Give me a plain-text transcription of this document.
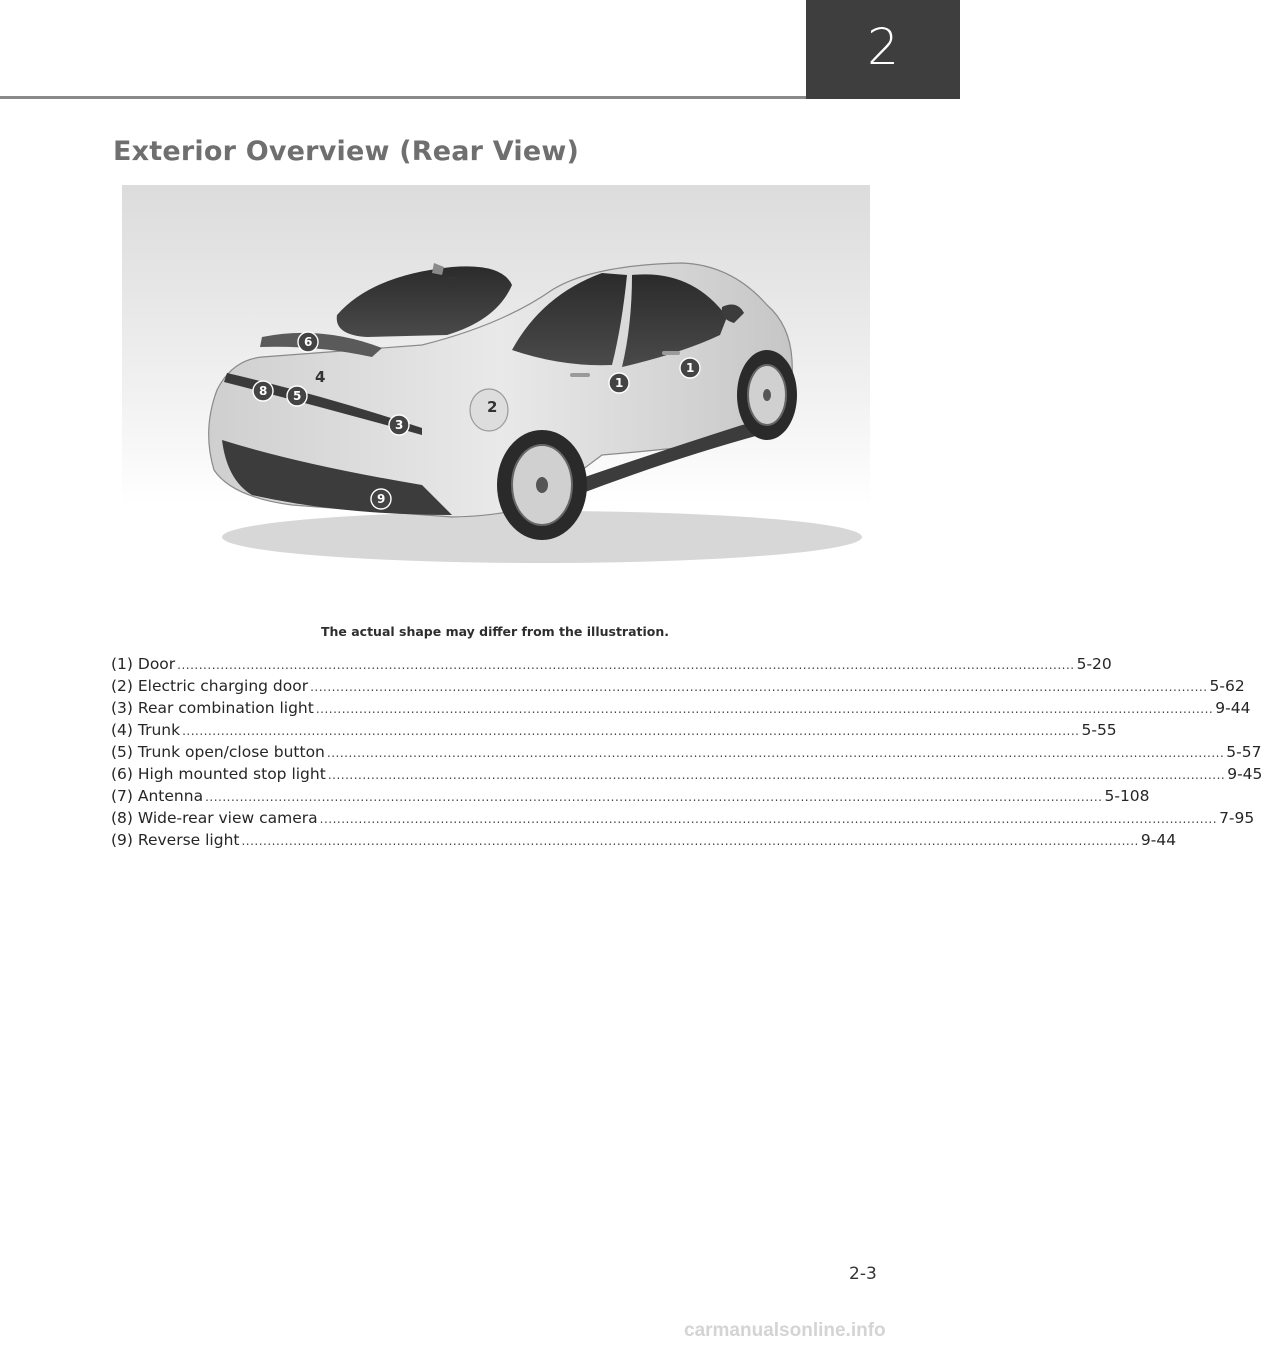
2
Exterior Overview (Rear View)
7
6
4
8 5
3
2
1
1
9
The actual shape may differ from the illustration.
(1) Door ................................................................................................................................................................................................................ 5-20
(2) Electric charging door ................................................................................................................................................................................................................ 5-62
(3) Rear combination light ................................................................................................................................................................................................................ 9-44
(4) Trunk ................................................................................................................................................................................................................ 5-55
(5) Trunk open/close button ................................................................................................................................................................................................................ 5-57
(6) High mounted stop light ................................................................................................................................................................................................................ 9-45
(7) Antenna ................................................................................................................................................................................................................ 5-108
(8) Wide-rear view camera ................................................................................................................................................................................................................ 7-95
(9) Reverse light ................................................................................................................................................................................................................ 9-44
2-3
carmanualsonline.info
